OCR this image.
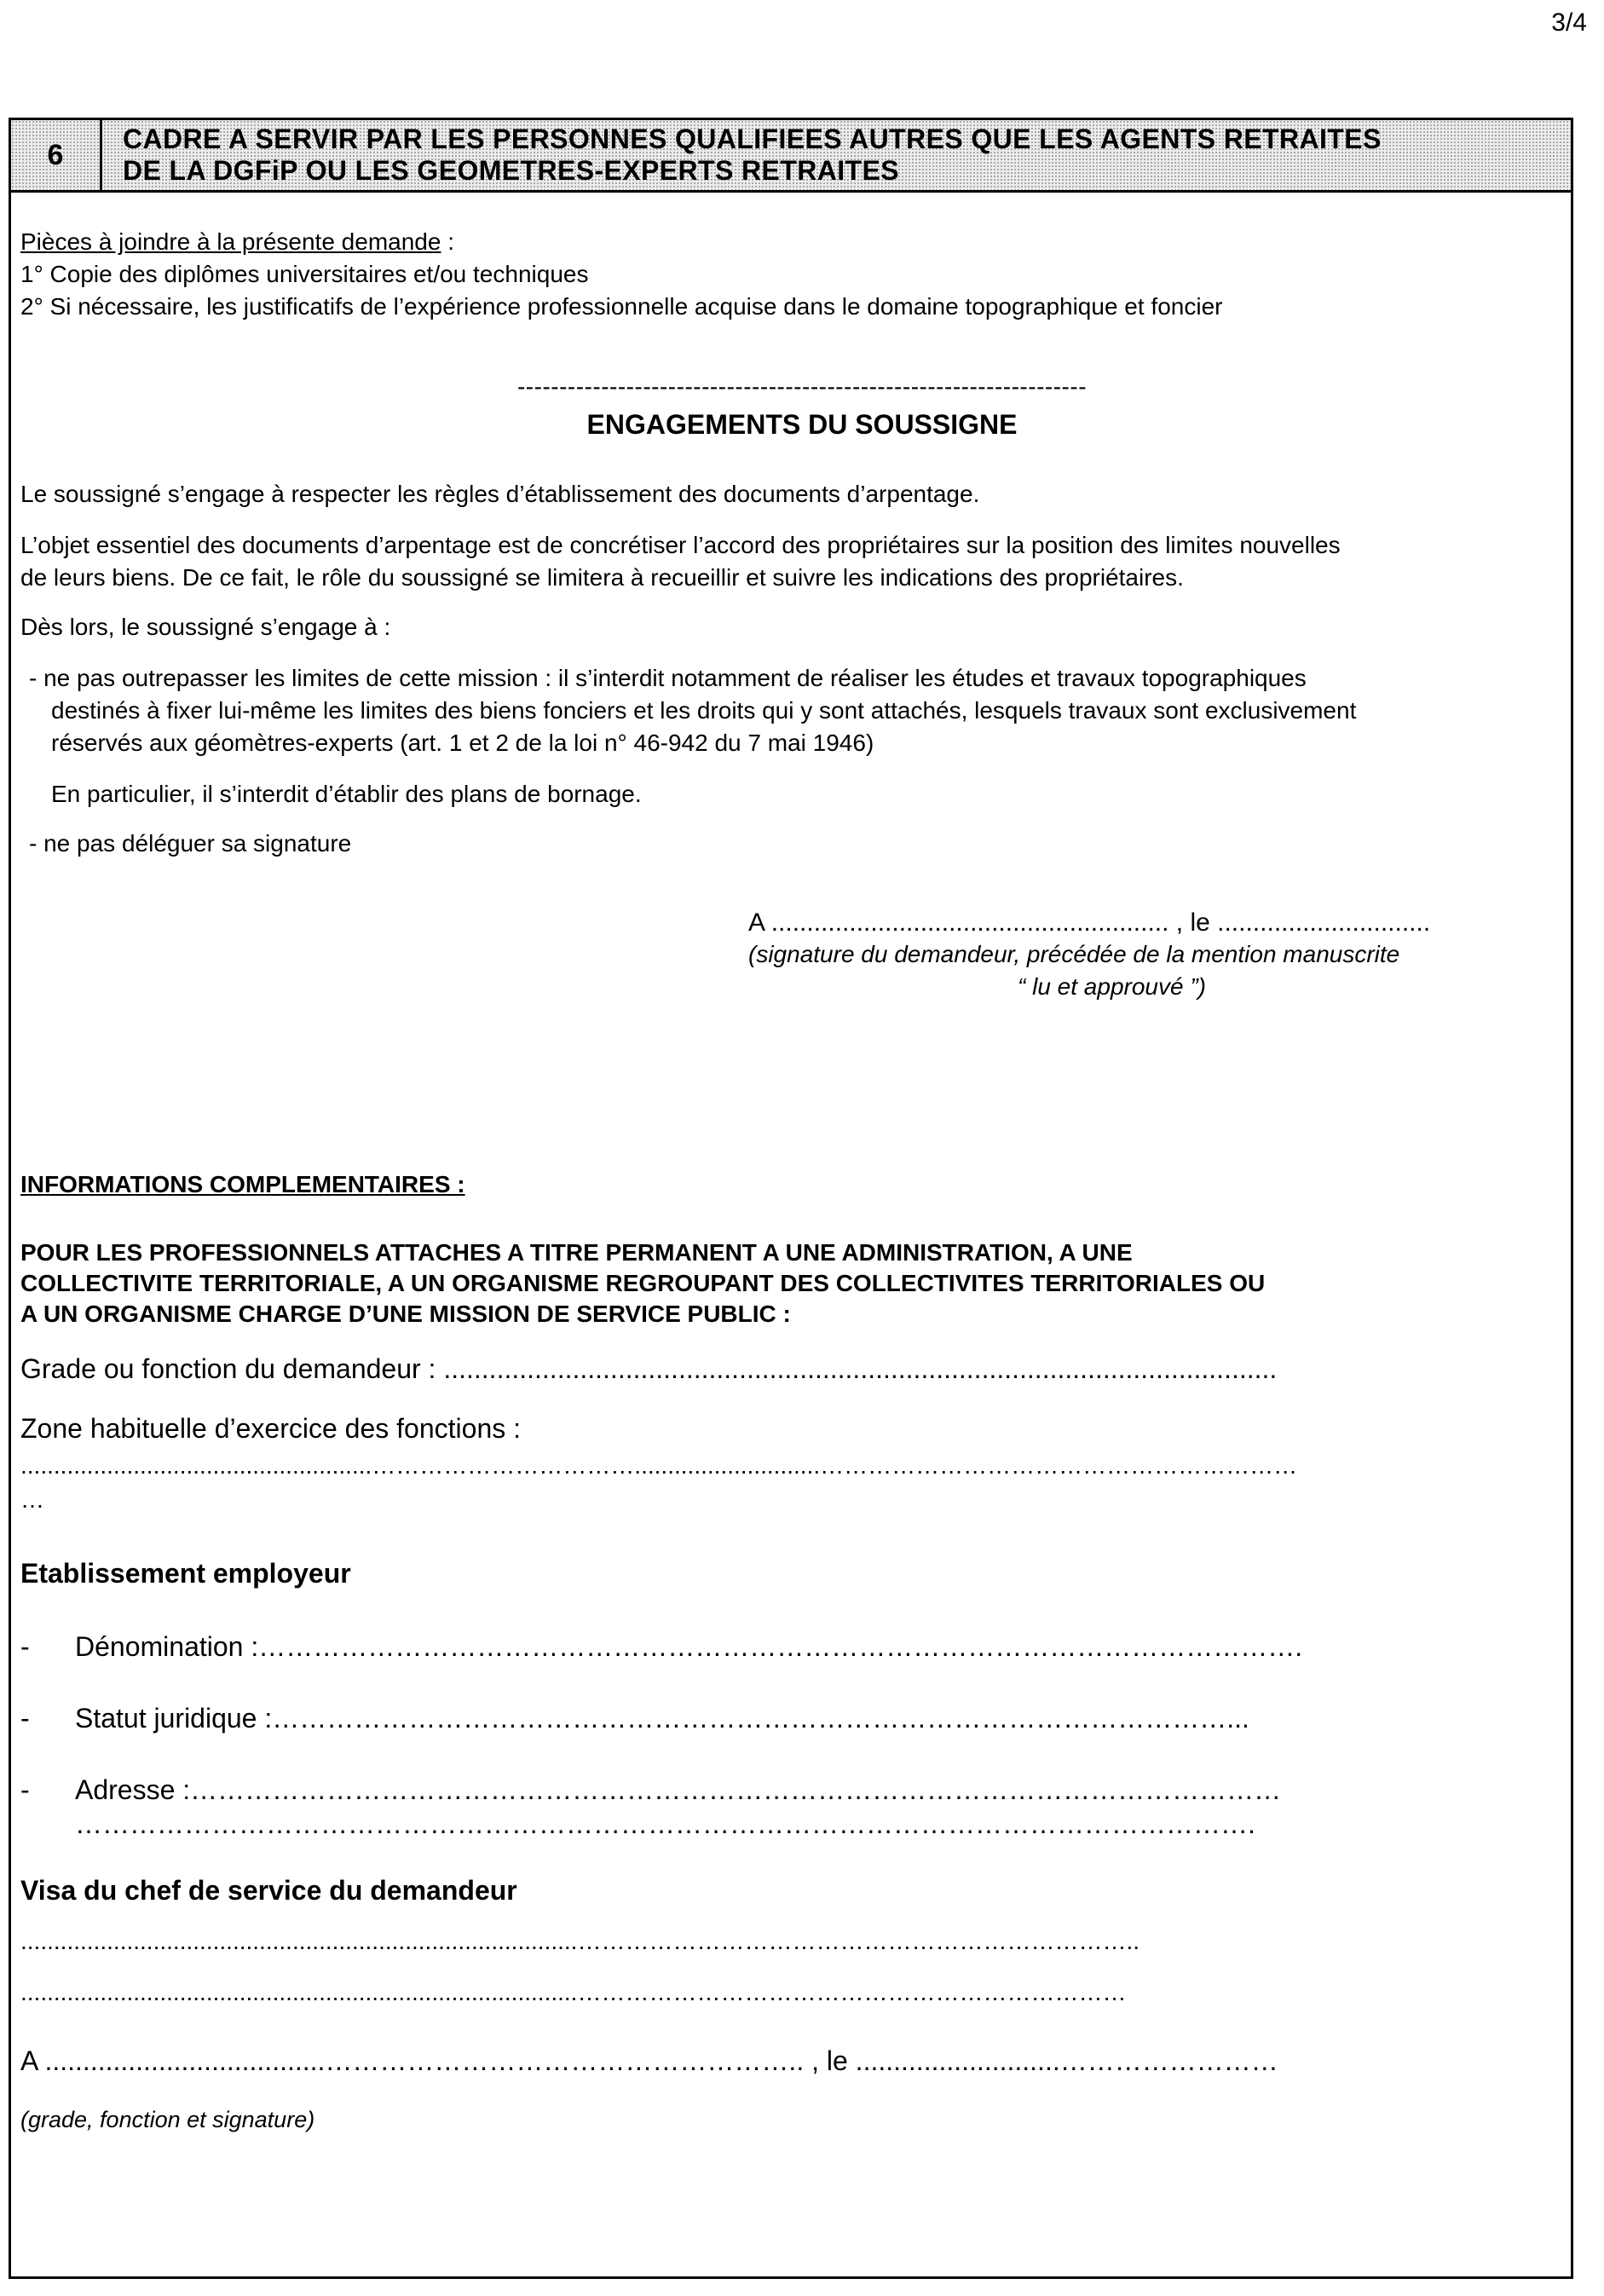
3/4
6	CADRE A SERVIR PAR LES PERSONNES QUALIFIEES AUTRES QUE LES AGENTS RETRAITES
DE LA DGFiP OU LES GEOMETRES-EXPERTS RETRAITES
Pièces à joindre à la présente demande :
1° Copie des diplômes universitaires et/ou techniques
2° Si nécessaire, les justificatifs de l’expérience professionnelle acquise dans le domaine topographique et foncier
--------------------------------------------------------------------
ENGAGEMENTS DU SOUSSIGNE
Le soussigné s’engage à respecter les règles d’établissement des documents d’arpentage.
L’objet essentiel des documents d’arpentage est de concrétiser l’accord des propriétaires sur la position des limites nouvelles
de leurs biens. De ce fait, le rôle du soussigné se limitera à recueillir et suivre les indications des propriétaires.
Dès lors, le soussigné s’engage à :
- ne pas outrepasser les limites de cette mission : il s’interdit notamment de réaliser les études et travaux topographiques
destinés à fixer lui-même les limites des biens fonciers et les droits qui y sont attachés, lesquels travaux sont exclusivement
réservés aux géomètres-experts (art. 1 et 2 de la loi n° 46-942 du 7 mai 1946)
En particulier, il s’interdit d’établir des plans de bornage.
- ne pas déléguer sa signature
A ........................................................ , le ..............................
(signature du demandeur, précédée de la mention manuscrite
“ lu et approuvé ”)
INFORMATIONS COMPLEMENTAIRES :
POUR LES PROFESSIONNELS ATTACHES A TITRE PERMANENT A UNE ADMINISTRATION, A UNE
COLLECTIVITE TERRITORIALE, A UN ORGANISME REGROUPANT DES COLLECTIVITES TERRITORIALES OU
A UN ORGANISME CHARGE D’UNE MISSION DE SERVICE PUBLIC :
Grade ou fonction du demandeur : ..............................................................................................................
Zone habituelle d’exercice des fonctions :
.....................................................……………………………............................……………………………………………………
…
Etablissement employeur
- Dénomination :…………………………………………………………………………………………………….
- Statut juridique :……………………………………………………………………………………………...
- Adresse :…………………………………………………………………………………………………………
………………………………………………………………………………………………………………….
Visa du chef de service du demandeur
....................................................................................……………………………………………………………..
....................................................................................……………………………………………………………
A .....................................…………………………………………….. , le ...........................……………………
(grade, fonction et signature)
